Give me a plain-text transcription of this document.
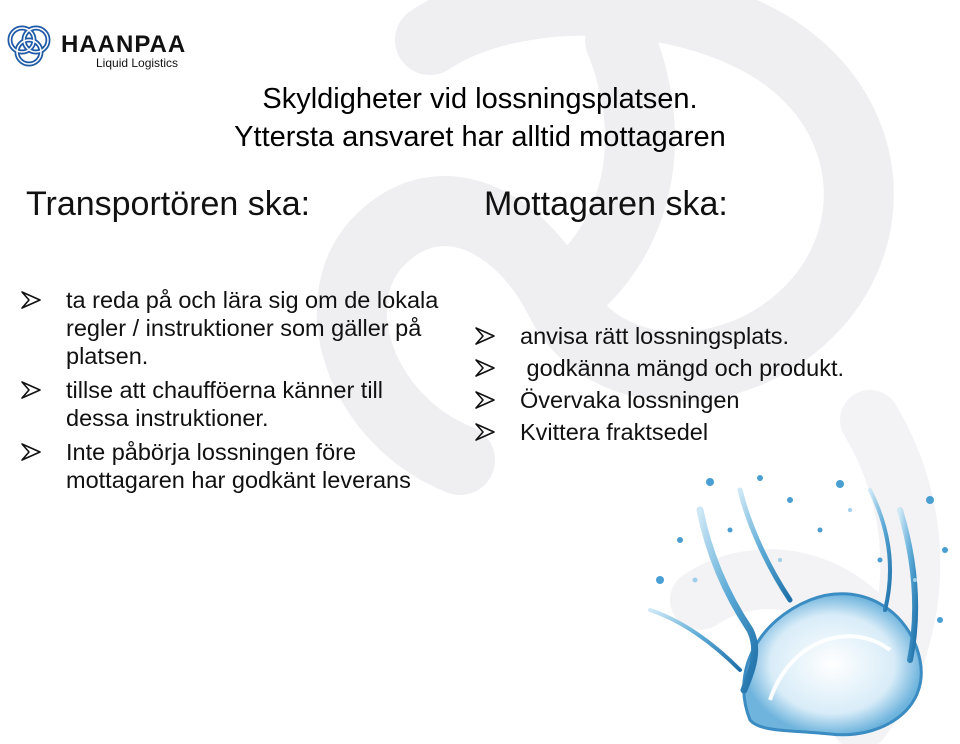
HAANPAA
Liquid Logistics
Skyldigheter vid lossningsplatsen.
Yttersta ansvaret har alltid mottagaren
Transportören ska:	Mottagaren ska:
ta reda på och lära sig om de lokala regler / instruktioner som gäller på platsen.
tillse att chaufföerna känner till dessa instruktioner.
Inte påbörja lossningen före mottagaren har godkänt leverans
anvisa rätt lossningsplats.
godkänna mängd och produkt.
Övervaka lossningen
Kvittera fraktsedel
